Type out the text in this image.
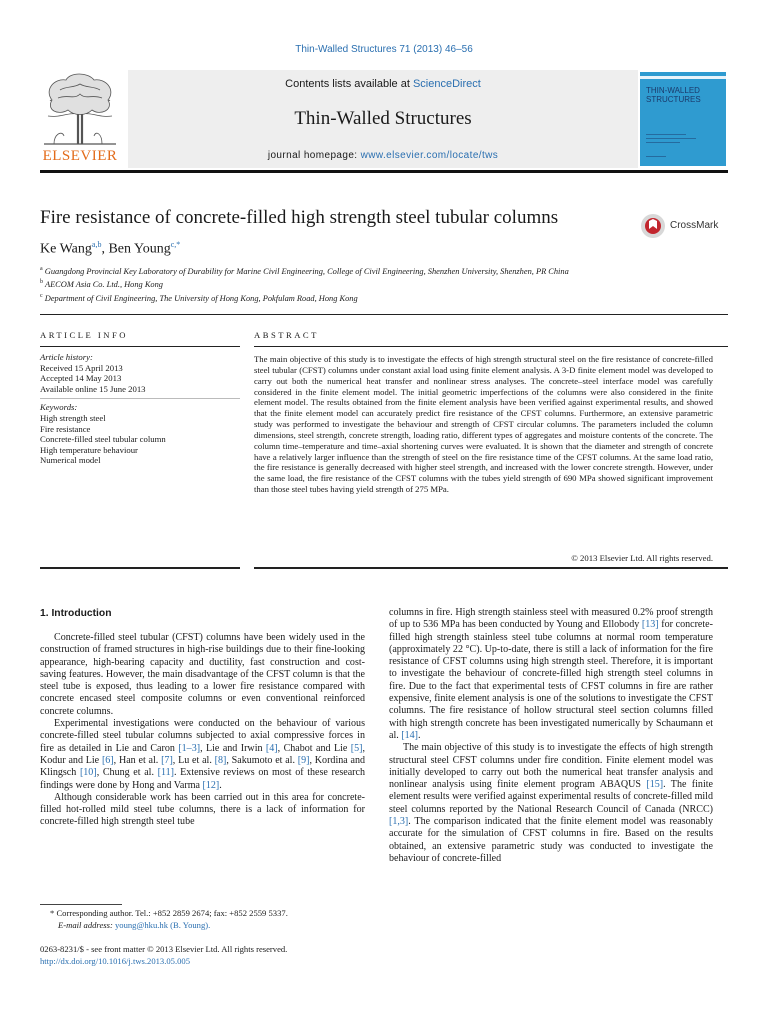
Thin-Walled Structures 71 (2013) 46–56
ELSEVIER
Contents lists available at ScienceDirect
Thin-Walled Structures
journal homepage: www.elsevier.com/locate/tws
THIN-WALLED
STRUCTURES
Fire resistance of concrete-filled high strength steel tubular columns	CrossMark
Ke Wang$^{a,b}$, Ben Young$^{c,*}$
$^a$ Guangdong Provincial Key Laboratory of Durability for Marine Civil Engineering, College of Civil Engineering, Shenzhen University, Shenzhen, PR China
$^b$ AECOM Asia Co. Ltd., Hong Kong
$^c$ Department of Civil Engineering, The University of Hong Kong, Pokfulam Road, Hong Kong
ARTICLE INFO
Article history:
Received 15 April 2013
Accepted 14 May 2013
Available online 15 June 2013
Keywords:
High strength steel
Fire resistance
Concrete-filled steel tubular column
High temperature behaviour
Numerical model
ABSTRACT
The main objective of this study is to investigate the effects of high strength structural steel on the fire resistance of concrete-filled steel tubular (CFST) columns under constant axial load using finite element analysis. A 3-D finite element model was developed to carry out both the numerical heat transfer and nonlinear stress analyses. The concrete–steel interface model was carefully considered in the finite element model. The initial geometric imperfections of the columns were also considered in the finite element model. The results obtained from the finite element analysis have been verified against experimental results, and showed that the finite element model can accurately predict fire resistance of the CFST columns. Furthermore, an extensive parametric study was performed to investigate the behaviour and strength of CFST circular columns. The parameters included the column dimensions, steel strength, concrete strength, loading ratio, different types of aggregates and moisture contents of the concrete. The column time–temperature and time–axial shortening curves were evaluated. It is shown that the diameter and strength of concrete have a relatively larger influence than the strength of steel on the fire resistance time of the CFST columns. At the same load ratio, the fire resistance is generally decreased with higher steel strength, and increased with the lower concrete strength. However, under the same load, the fire resistance of the CFST columns with the tubes yield strength of 690 MPa showed significant improvement than those steel tubes having yield strength of 275 MPa.
© 2013 Elsevier Ltd. All rights reserved.
1. Introduction

Concrete-filled steel tubular (CFST) columns have been widely used in the construction of framed structures in high-rise buildings due to their fine-looking appearance, high-bearing capacity and ductility, fast construction and cost-saving features. However, the main disadvantage of the CFST column is that the steel tube is exposed, thus leading to a lower fire resistance compared with concrete encased steel composite columns or even conventional reinforced concrete columns.

Experimental investigations were conducted on the behaviour of various concrete-filled steel tubular columns subjected to axial compressive forces in fire as detailed in Lie and Caron [1–3], Lie and Irwin [4], Chabot and Lie [5], Kodur and Lie [6], Han et al. [7], Lu et al. [8], Sakumoto et al. [9], Kordina and Klingsch [10], Chung et al. [11]. Extensive reviews on most of these research findings were done by Hong and Varma [12].

Although considerable work has been carried out in this area for concrete-filled hot-rolled mild steel tube columns, there is a lack of information for concrete-filled high strength steel tube

columns in fire. High strength stainless steel with measured 0.2% proof strength of up to 536 MPa has been conducted by Young and Ellobody [13] for concrete-filled high strength stainless steel tube columns at normal room temperature (approximately 22 °C). Up-to-date, there is still a lack of information for the fire resistance of CFST columns using high strength steel. Therefore, it is important to investigate the behaviour of concrete-filled high strength steel columns in fire. Due to the fact that experimental tests of CFST columns in fire are rather expensive, finite element analysis is one of the solutions to investigate the CFST columns. The fire resistance of hollow structural steel section columns filled with high strength concrete has been investigated numerically by Schaumann et al. [14].

The main objective of this study is to investigate the effects of high strength structural steel CFST columns under fire condition. Finite element model was initially developed to carry out both the numerical heat transfer analysis and nonlinear analysis using finite element program ABAQUS [15]. The finite element results were verified against experimental results of concrete-filled mild steel columns reported by the National Research Council of Canada (NRCC) [1,3]. The comparison indicated that the finite element model was reasonably accurate for the simulation of CFST columns in fire. Based on the results obtained, an extensive parametric study was conducted to investigate the behaviour of concrete-filled

* Corresponding author. Tel.: +852 2859 2674; fax: +852 2559 5337.
E-mail address: young@hku.hk (B. Young).
0263-8231/$ - see front matter © 2013 Elsevier Ltd. All rights reserved.
http://dx.doi.org/10.1016/j.tws.2013.05.005
